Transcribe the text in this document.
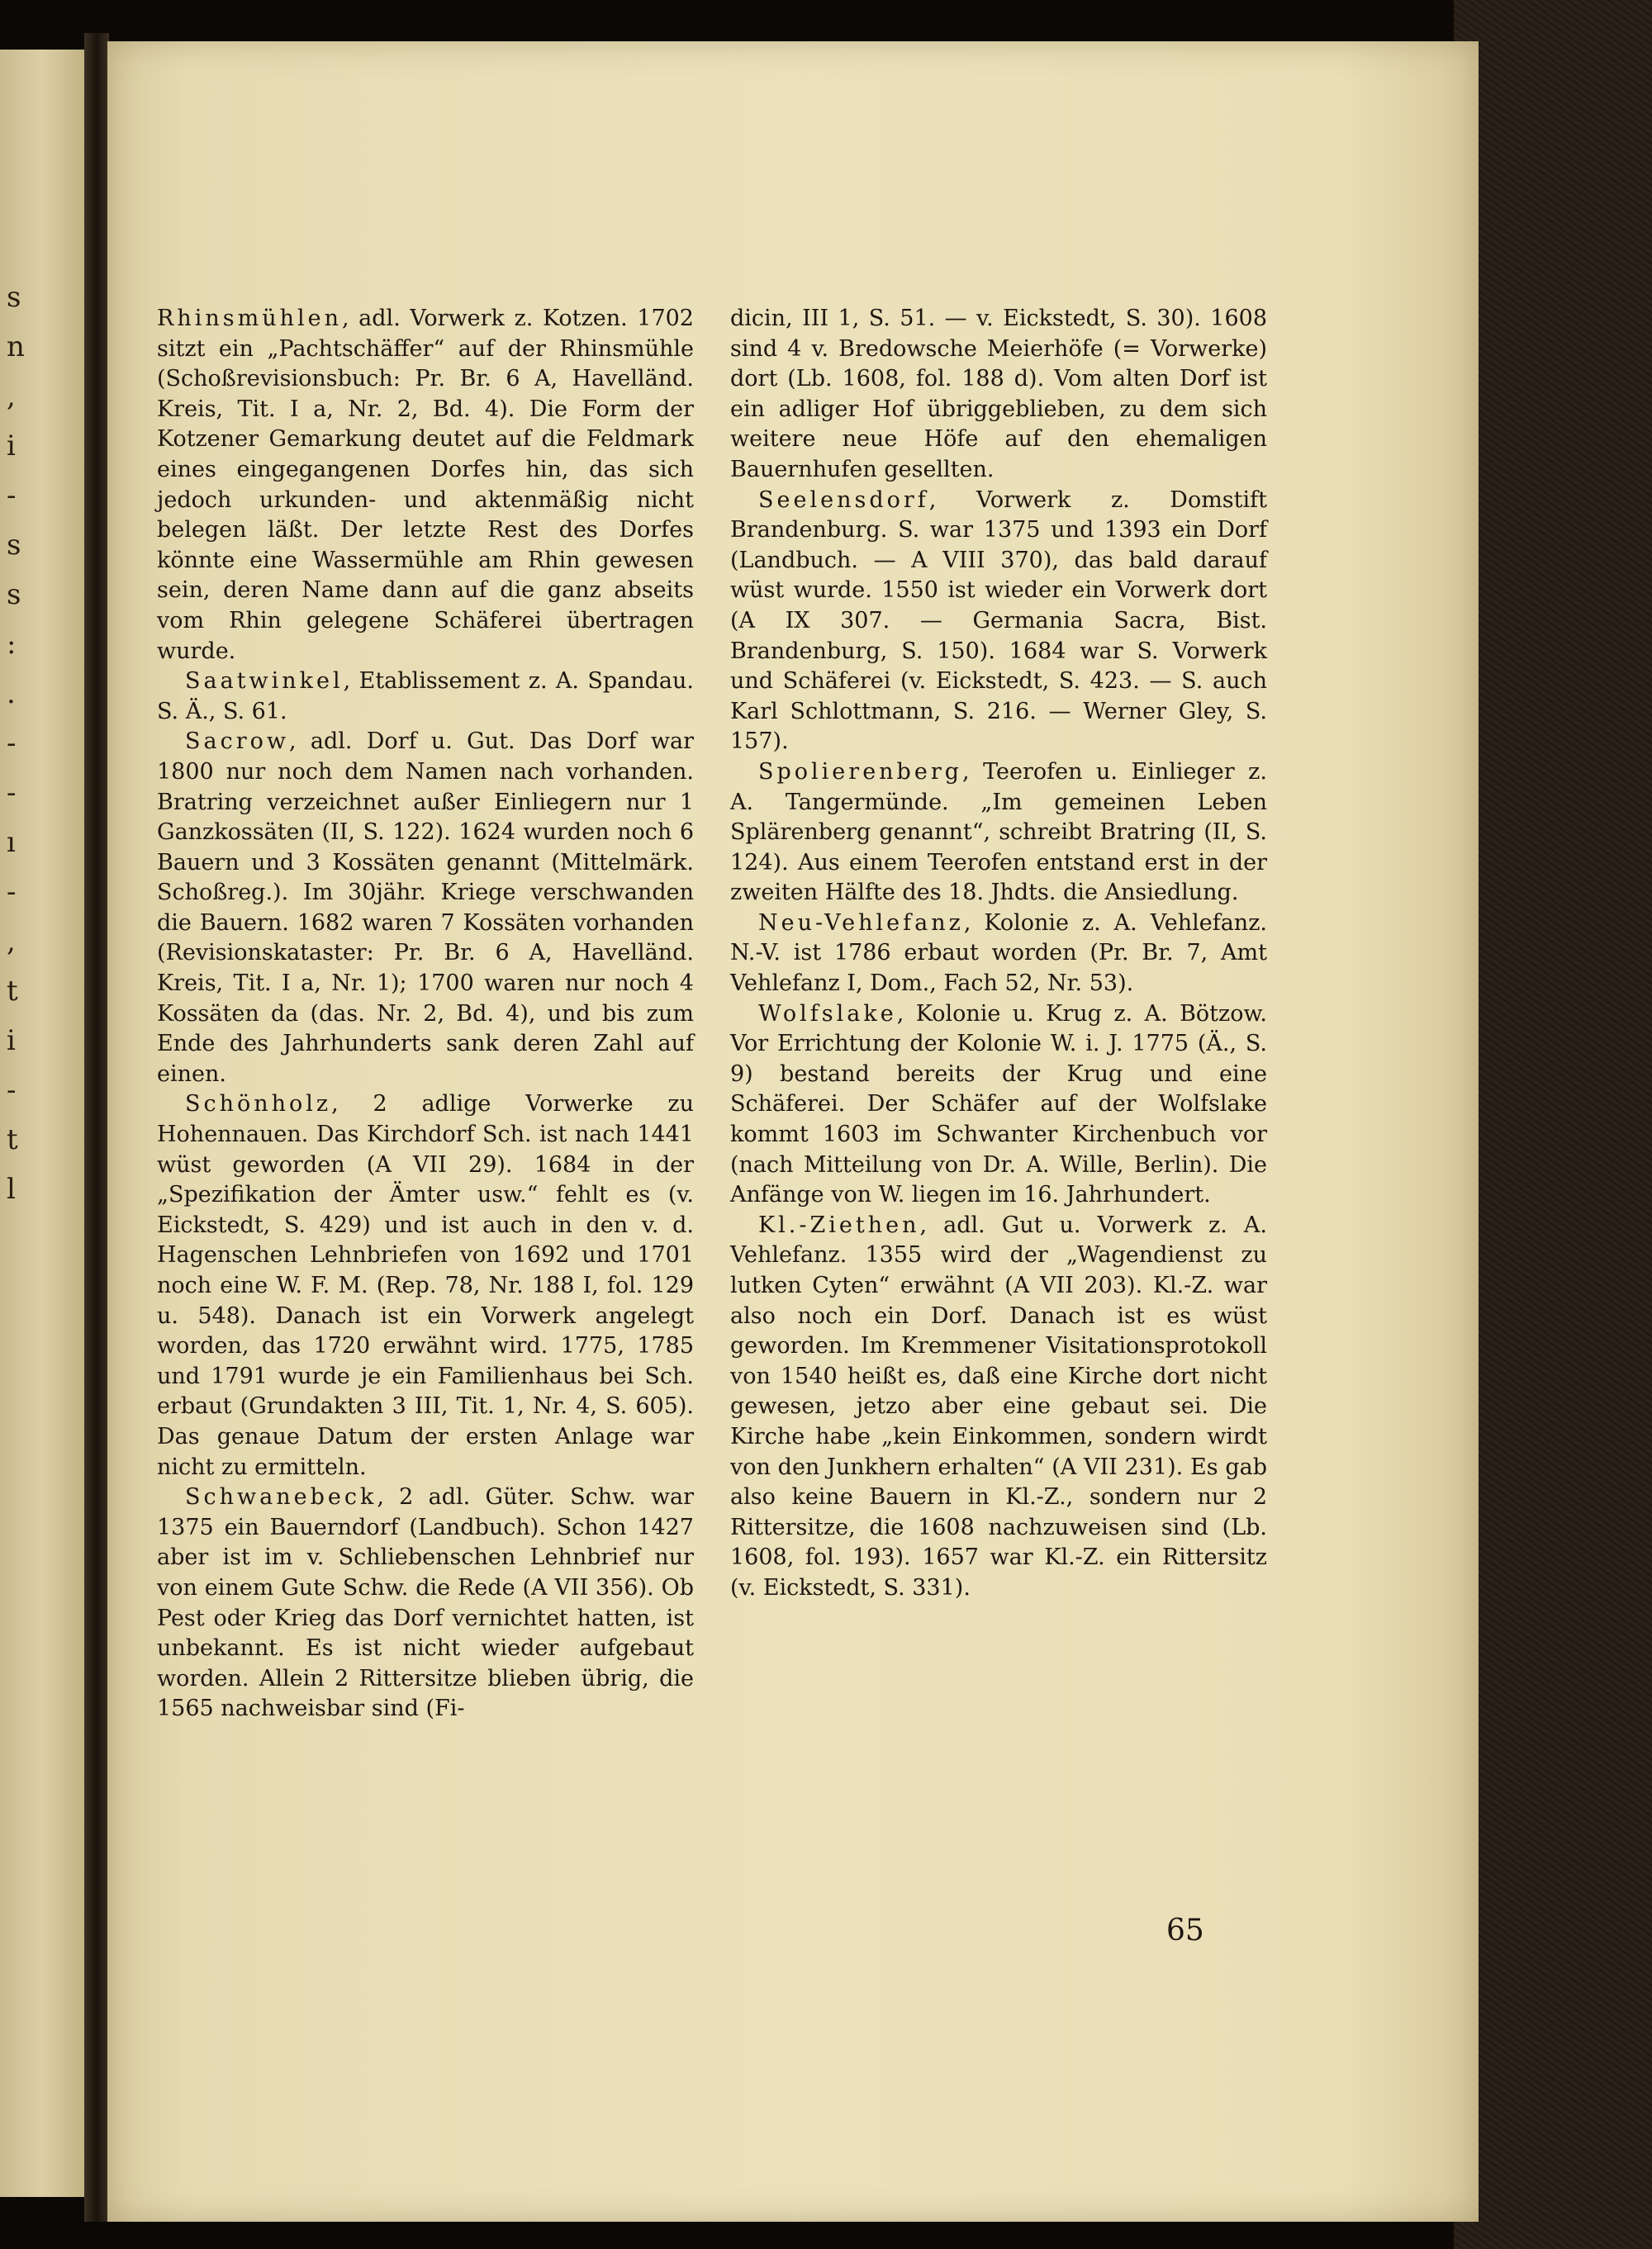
s
n
,
i
-
s
s
:
.
-
-
ı
-
,
t
i
-
t
l

Rhinsmühlen, adl. Vorwerk z. Kotzen. 1702 sitzt ein „Pachtschäffer“ auf der Rhinsmühle (Schoßrevisionsbuch: Pr. Br. 6 A, Havelländ. Kreis, Tit. I a, Nr. 2, Bd. 4). Die Form der Kotzener Gemarkung deutet auf die Feldmark eines eingegangenen Dorfes hin, das sich jedoch urkunden- und aktenmäßig nicht belegen läßt. Der letzte Rest des Dorfes könnte eine Wassermühle am Rhin gewesen sein, deren Name dann auf die ganz abseits vom Rhin gelegene Schäferei übertragen wurde.

Saatwinkel, Etablissement z. A. Spandau. S. Ä., S. 61.

Sacrow, adl. Dorf u. Gut. Das Dorf war 1800 nur noch dem Namen nach vorhanden. Bratring verzeichnet außer Einliegern nur 1 Ganzkossäten (II, S. 122). 1624 wurden noch 6 Bauern und 3 Kossäten genannt (Mittelmärk. Schoßreg.). Im 30jähr. Kriege verschwanden die Bauern. 1682 waren 7 Kossäten vorhanden (Revisionskataster: Pr. Br. 6 A, Havelländ. Kreis, Tit. I a, Nr. 1); 1700 waren nur noch 4 Kossäten da (das. Nr. 2, Bd. 4), und bis zum Ende des Jahrhunderts sank deren Zahl auf einen.

Schönholz, 2 adlige Vorwerke zu Hohennauen. Das Kirchdorf Sch. ist nach 1441 wüst geworden (A VII 29). 1684 in der „Spezifikation der Ämter usw.“ fehlt es (v. Eickstedt, S. 429) und ist auch in den v. d. Hagenschen Lehnbriefen von 1692 und 1701 noch eine W. F. M. (Rep. 78, Nr. 188 I, fol. 129 u. 548). Danach ist ein Vorwerk angelegt worden, das 1720 erwähnt wird. 1775, 1785 und 1791 wurde je ein Familienhaus bei Sch. erbaut (Grundakten 3 III, Tit. 1, Nr. 4, S. 605). Das genaue Datum der ersten Anlage war nicht zu ermitteln.

Schwanebeck, 2 adl. Güter. Schw. war 1375 ein Bauerndorf (Landbuch). Schon 1427 aber ist im v. Schliebenschen Lehnbrief nur von einem Gute Schw. die Rede (A VII 356). Ob Pest oder Krieg das Dorf vernichtet hatten, ist unbekannt. Es ist nicht wieder aufgebaut worden. Allein 2 Rittersitze blieben übrig, die 1565 nachweisbar sind (Fi-

dicin, III 1, S. 51. — v. Eickstedt, S. 30). 1608 sind 4 v. Bredowsche Meierhöfe (= Vorwerke) dort (Lb. 1608, fol. 188 d). Vom alten Dorf ist ein adliger Hof übriggeblieben, zu dem sich weitere neue Höfe auf den ehemaligen Bauernhufen gesellten.

Seelensdorf, Vorwerk z. Domstift Brandenburg. S. war 1375 und 1393 ein Dorf (Landbuch. — A VIII 370), das bald darauf wüst wurde. 1550 ist wieder ein Vorwerk dort (A IX 307. — Germania Sacra, Bist. Brandenburg, S. 150). 1684 war S. Vorwerk und Schäferei (v. Eickstedt, S. 423. — S. auch Karl Schlottmann, S. 216. — Werner Gley, S. 157).

Spolierenberg, Teerofen u. Einlieger z. A. Tangermünde. „Im gemeinen Leben Splärenberg genannt“, schreibt Bratring (II, S. 124). Aus einem Teerofen entstand erst in der zweiten Hälfte des 18. Jhdts. die Ansiedlung.

Neu-Vehlefanz, Kolonie z. A. Vehlefanz. N.-V. ist 1786 erbaut worden (Pr. Br. 7, Amt Vehlefanz I, Dom., Fach 52, Nr. 53).

Wolfslake, Kolonie u. Krug z. A. Bötzow. Vor Errichtung der Kolonie W. i. J. 1775 (Ä., S. 9) bestand bereits der Krug und eine Schäferei. Der Schäfer auf der Wolfslake kommt 1603 im Schwanter Kirchenbuch vor (nach Mitteilung von Dr. A. Wille, Berlin). Die Anfänge von W. liegen im 16. Jahrhundert.

Kl.-Ziethen, adl. Gut u. Vorwerk z. A. Vehlefanz. 1355 wird der „Wagendienst zu lutken Cyten“ erwähnt (A VII 203). Kl.-Z. war also noch ein Dorf. Danach ist es wüst geworden. Im Kremmener Visitationsprotokoll von 1540 heißt es, daß eine Kirche dort nicht gewesen, jetzo aber eine gebaut sei. Die Kirche habe „kein Einkommen, sondern wirdt von den Junkhern erhalten“ (A VII 231). Es gab also keine Bauern in Kl.-Z., sondern nur 2 Rittersitze, die 1608 nachzuweisen sind (Lb. 1608, fol. 193). 1657 war Kl.-Z. ein Rittersitz (v. Eickstedt, S. 331).

65
